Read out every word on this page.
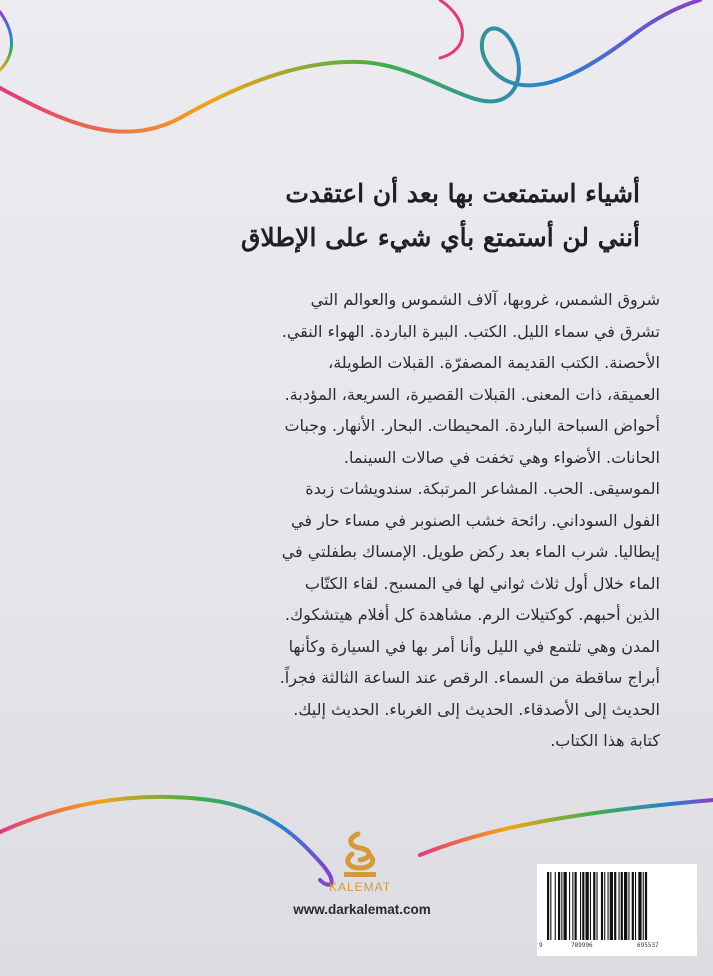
أشياء استمتعت بها بعد أن اعتقدت
أنني لن أستمتع بأي شيء على الإطلاق
شروق الشمس، غروبها، آلاف الشموس والعوالم التي
تشرق في سماء الليل. الكتب. البيرة الباردة. الهواء النقي.
الأحصنة. الكتب القديمة المصفرّة. القبلات الطويلة،
العميقة، ذات المعنى. القبلات القصيرة، السريعة، المؤدبة.
أحواض السباحة الباردة. المحيطات. البحار. الأنهار. وجبات
الحانات. الأضواء وهي تخفت في صالات السينما.
الموسيقى. الحب. المشاعر المرتبكة. سندويشات زبدة
الفول السوداني. رائحة خشب الصنوبر في مساء حار في
إيطاليا. شرب الماء بعد ركض طويل. الإمساك بطفلتي في
الماء خلال أول ثلاث ثواني لها في المسبح. لقاء الكتّاب
الذين أحبهم. كوكتيلات الرم. مشاهدة كل أفلام هيتشكوك.
المدن وهي تلتمع في الليل وأنا أمر بها في السيارة وكأنها
أبراج ساقطة من السماء. الرقص عند الساعة الثالثة فجراً.
الحديث إلى الأصدقاء. الحديث إلى الغرباء. الحديث إليك.
كتابة هذا الكتاب.
KALEMAT
www.darkalemat.com
9	789996	695537
